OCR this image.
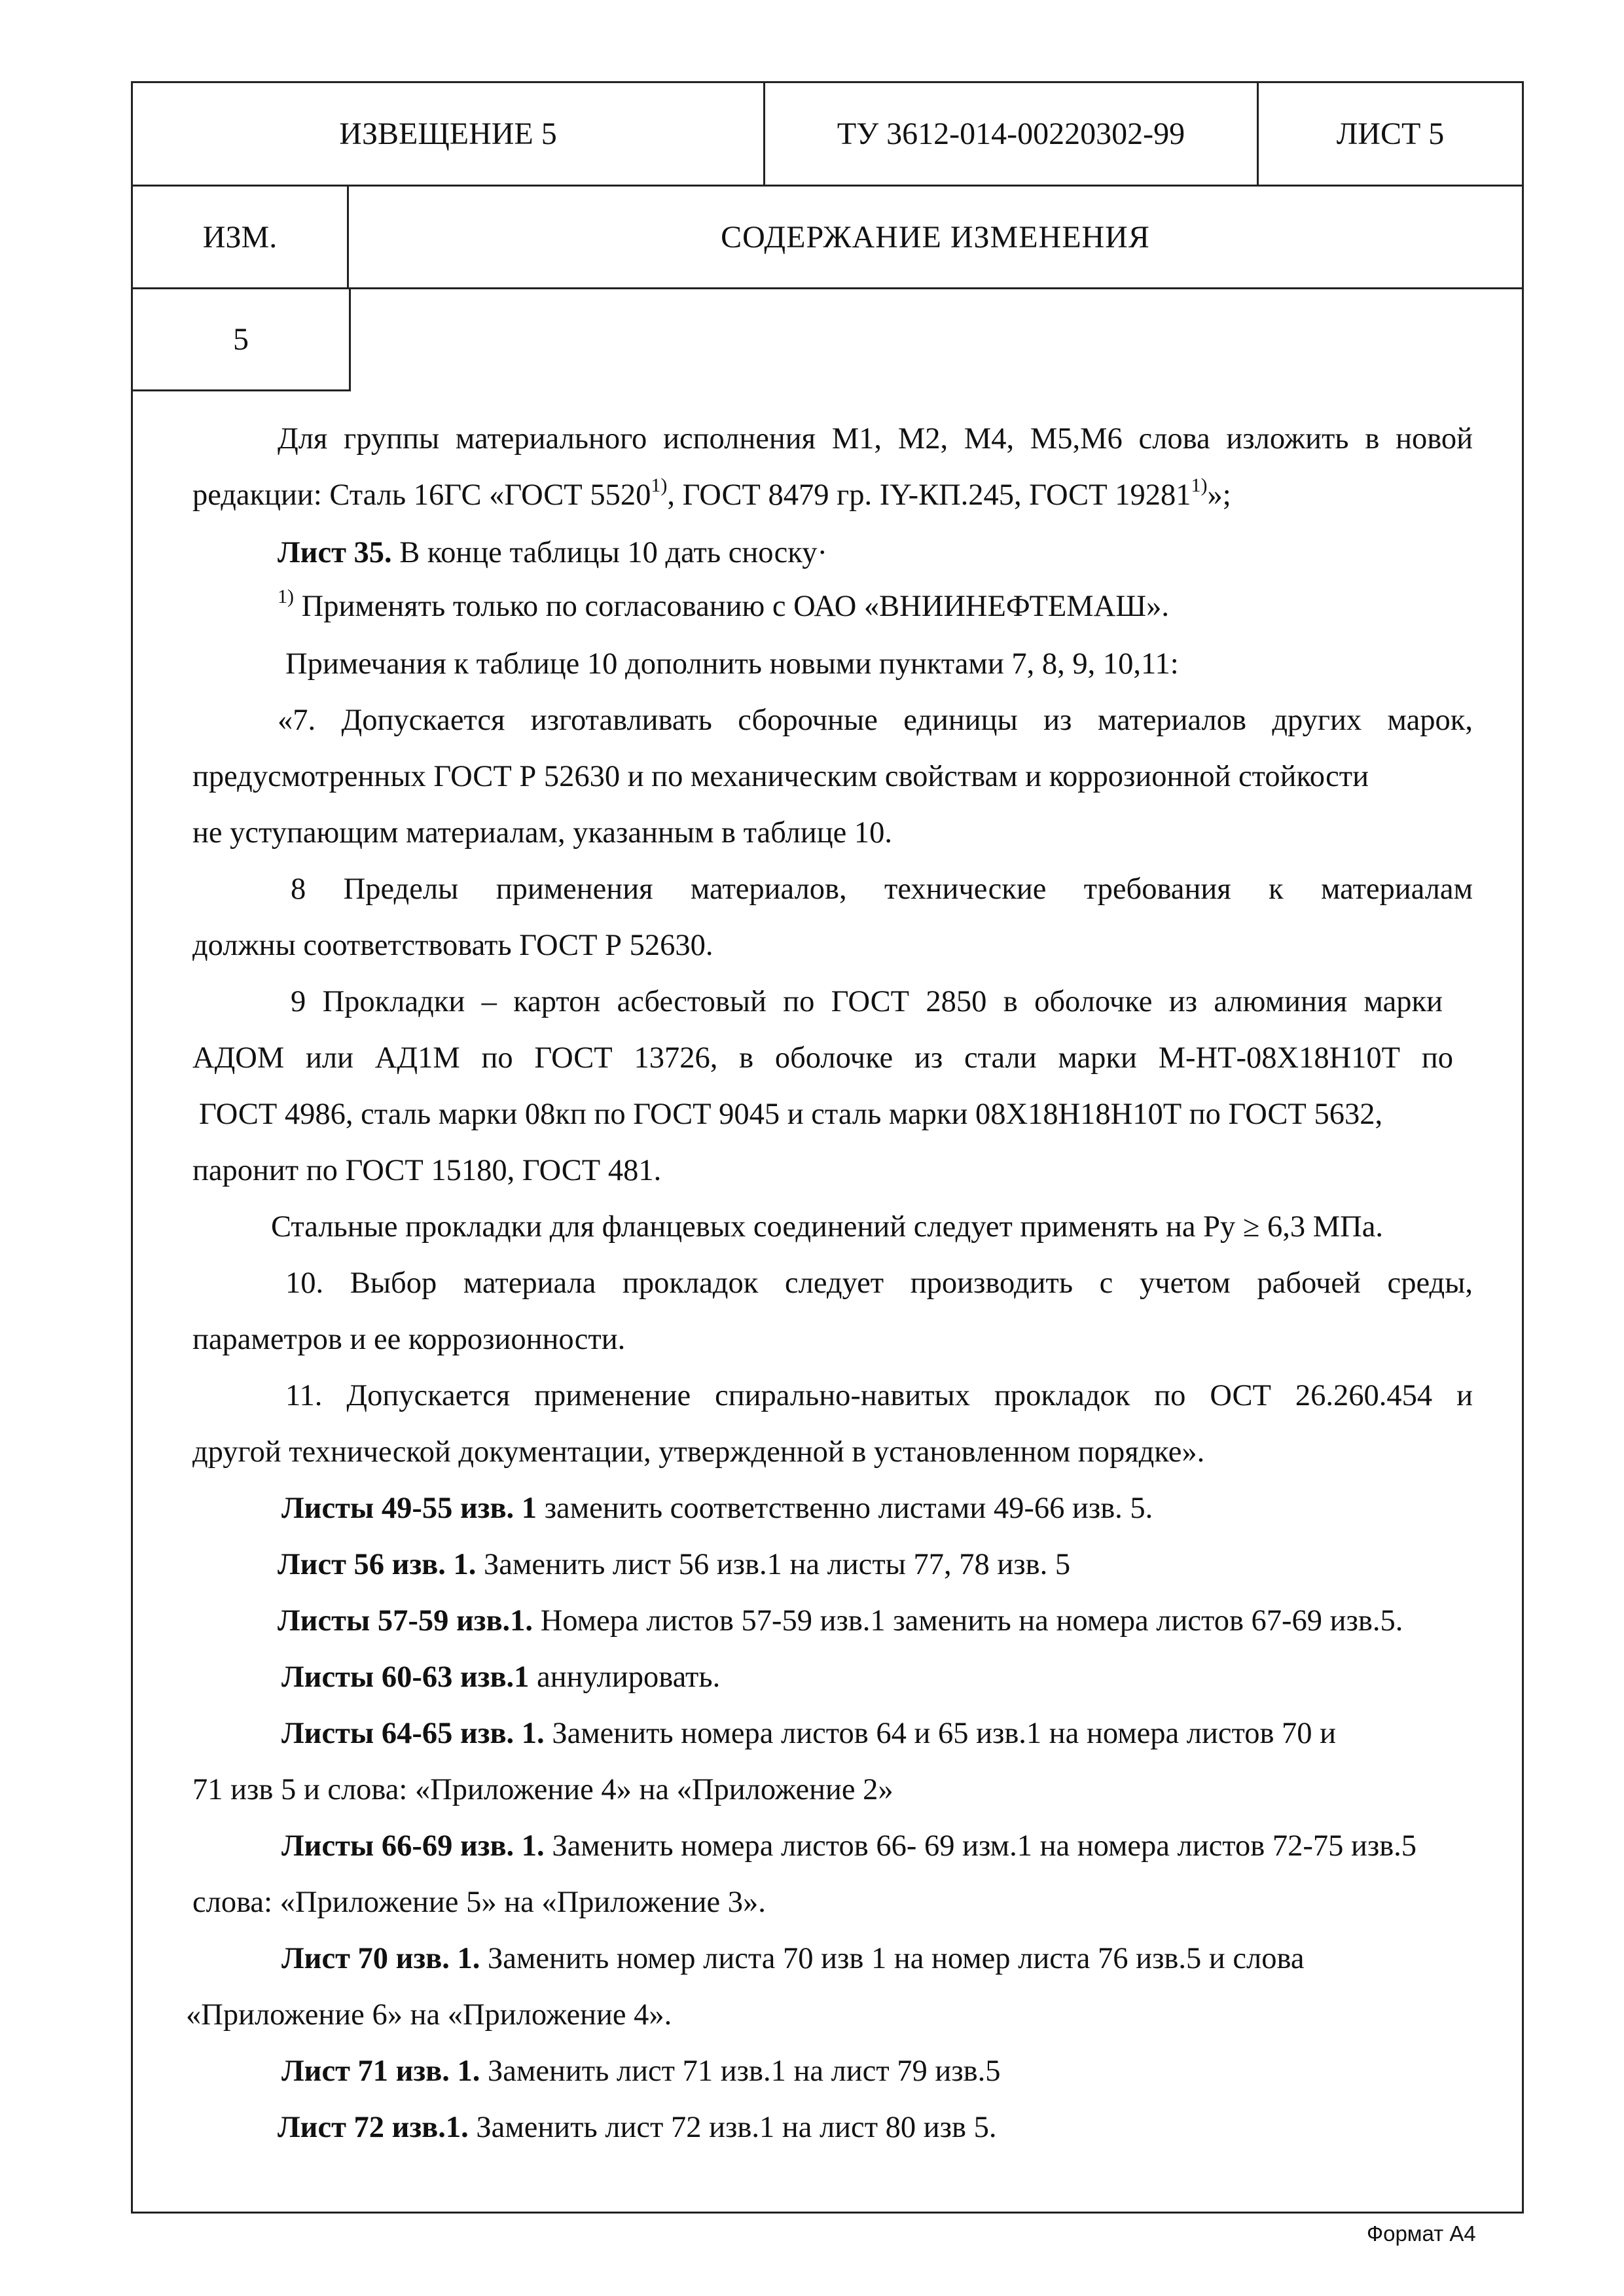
ИЗВЕЩЕНИЕ 5	ТУ 3612-014-00220302-99	ЛИСТ 5
ИЗМ.	СОДЕРЖАНИЕ ИЗМЕНЕНИЯ
5
Для группы материального исполнения М1, М2, М4, М5,М6 слова изложить в новой
редакции: Сталь 16ГС «ГОСТ 5520$^{1)}$, ГОСТ 8479 гр. IY-КП.245, ГОСТ 19281$^{1)}$»;
Лист 35. В конце таблицы 10 дать сноску·
$^{1)}$ Применять только по согласованию с ОАО «ВНИИНЕФТЕМАШ».
Примечания к таблице 10 дополнить новыми пунктами 7, 8, 9, 10,11:
«7. Допускается изготавливать сборочные единицы из материалов других марок,
предусмотренных ГОСТ Р 52630 и по механическим свойствам и коррозионной стойкости
не уступающим материалам, указанным в таблице 10.
8 Пределы применения материалов, технические требования к материалам
должны соответствовать ГОСТ Р 52630.
9 Прокладки – картон асбестовый по ГОСТ 2850 в оболочке из алюминия марки
АДОМ или АД1М по ГОСТ 13726, в оболочке из стали марки М-НТ-08Х18Н10Т по
ГОСТ 4986, сталь марки 08кп по ГОСТ 9045 и сталь марки 08Х18Н18Н10Т по ГОСТ 5632,
паронит по ГОСТ 15180, ГОСТ 481.
Стальные прокладки для фланцевых соединений следует применять на Ру ≥ 6,3 МПа.
10. Выбор материала прокладок следует производить с учетом рабочей среды,
параметров и ее коррозионности.
11. Допускается применение спирально-навитых прокладок по ОСТ 26.260.454 и
другой технической документации, утвержденной в установленном порядке».
Листы 49-55 изв. 1 заменить соответственно листами 49-66 изв. 5.
Лист 56 изв. 1. Заменить лист 56 изв.1 на листы 77, 78 изв. 5
Листы 57-59 изв.1. Номера листов 57-59 изв.1 заменить на номера листов 67-69 изв.5.
Листы 60-63 изв.1 аннулировать.
Листы 64-65 изв. 1. Заменить номера листов 64 и 65 изв.1 на номера листов 70 и
71 изв 5 и слова: «Приложение 4» на «Приложение 2»
Листы 66-69 изв. 1. Заменить номера листов 66- 69 изм.1 на номера листов 72-75 изв.5
слова: «Приложение 5» на «Приложение 3».
Лист 70 изв. 1. Заменить номер листа 70 изв 1 на номер листа 76 изв.5 и слова
«Приложение 6» на «Приложение 4».
Лист 71 изв. 1. Заменить лист 71 изв.1 на лист 79 изв.5
Лист 72 изв.1. Заменить лист 72 изв.1 на лист 80 изв 5.
Формат А4
